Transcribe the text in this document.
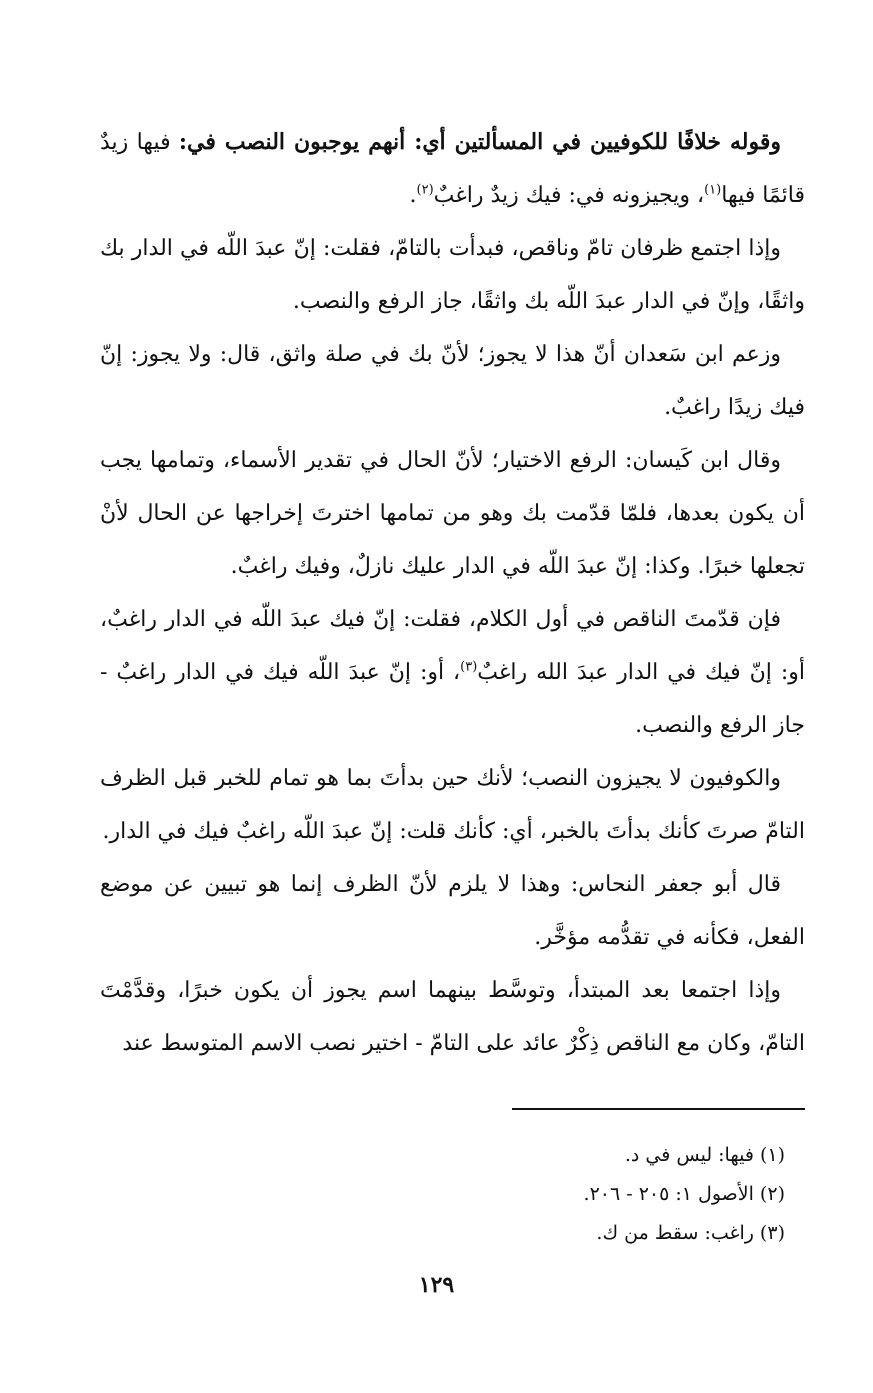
وقوله خلافًا للكوفيين في المسألتين أي: أنهم يوجبون النصب في: فيها زيدٌ قائمًا فيها$^{(١)}$، ويجيزونه في: فيك زيدٌ راغبٌ$^{(٢)}$.

وإذا اجتمع ظرفان تامّ وناقص، فبدأت بالتامّ، فقلت: إنّ عبدَ اللّه في الدار بك واثقًا، وإنّ في الدار عبدَ اللّه بك واثقًا، جاز الرفع والنصب.

وزعم ابن سَعدان أنّ هذا لا يجوز؛ لأنّ بك في صلة واثق، قال: ولا يجوز: إنّ فيك زيدًا راغبٌ.

وقال ابن كَيسان: الرفع الاختيار؛ لأنّ الحال في تقدير الأسماء، وتمامها يجب أن يكون بعدها، فلمّا قدّمت بك وهو من تمامها اخترتَ إخراجها عن الحال لأنْ تجعلها خبرًا. وكذا: إنّ عبدَ اللّه في الدار عليك نازلٌ، وفيك راغبٌ.

فإن قدّمتَ الناقص في أول الكلام، فقلت: إنّ فيك عبدَ اللّه في الدار راغبٌ، أو: إنّ فيك في الدار عبدَ الله راغبٌ$^{(٣)}$، أو: إنّ عبدَ اللّه فيك في الدار راغبٌ - جاز الرفع والنصب.

والكوفيون لا يجيزون النصب؛ لأنك حين بدأتَ بما هو تمام للخبر قبل الظرف التامّ صرتَ كأنك بدأتَ بالخبر، أي: كأنك قلت: إنّ عبدَ اللّه راغبٌ فيك في الدار.

قال أبو جعفر النحاس: وهذا لا يلزم لأنّ الظرف إنما هو تبيين عن موضع الفعل، فكأنه في تقدُّمه مؤخَّر.

وإذا اجتمعا بعد المبتدأ، وتوسَّط بينهما اسم يجوز أن يكون خبرًا، وقدَّمْتَ التامّ، وكان مع الناقص ذِكْرٌ عائد على التامّ - اختير نصب الاسم المتوسط عند

(١) فيها: ليس في د.

(٢) الأصول ١: ٢٠٥ - ٢٠٦.

(٣) راغب: سقط من ك.

١٢٩
